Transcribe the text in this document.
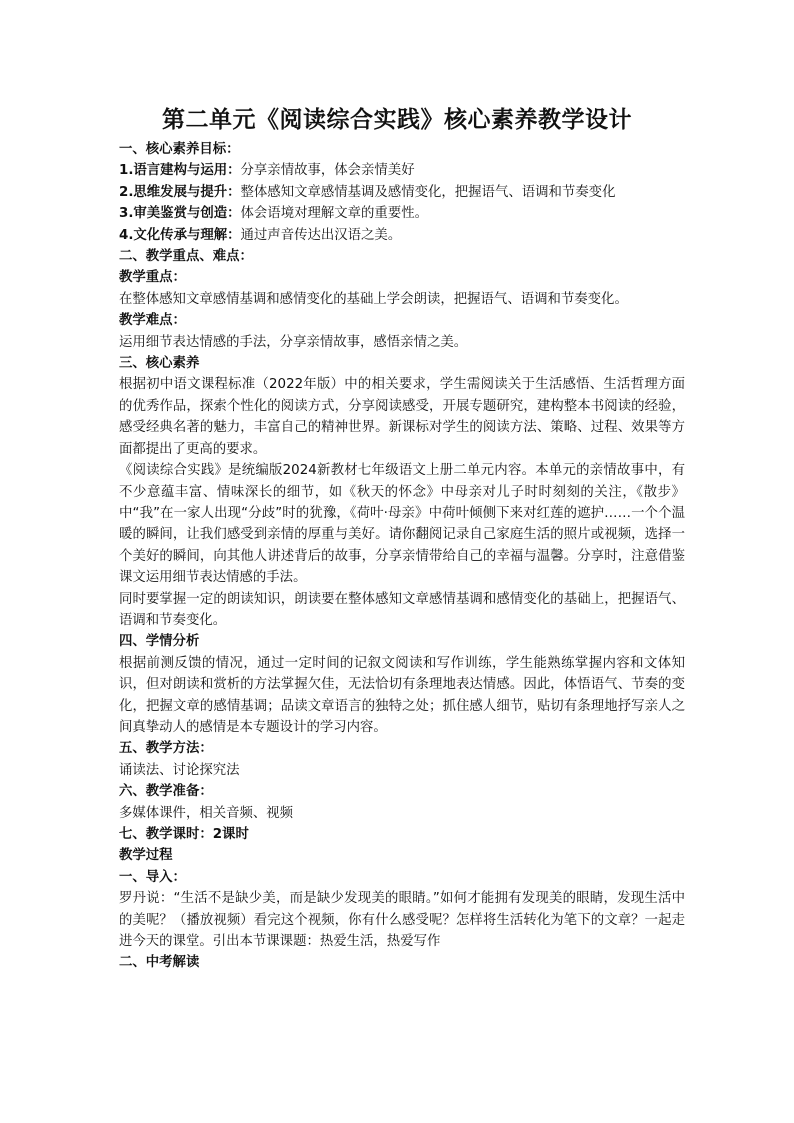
第二单元《阅读综合实践》核心素养教学设计

一、核心素养目标：

1.语言建构与运用：分享亲情故事，体会亲情美好

2.思维发展与提升：整体感知文章感情基调及感情变化，把握语气、语调和节奏变化

3.审美鉴赏与创造：体会语境对理解文章的重要性。

4.文化传承与理解：通过声音传达出汉语之美。

二、教学重点、难点：

教学重点：

在整体感知文章感情基调和感情变化的基础上学会朗读，把握语气、语调和节奏变化。

教学难点：

运用细节表达情感的手法，分享亲情故事，感悟亲情之美。

三、核心素养

根据初中语文课程标准（2022年版）中的相关要求，学生需阅读关于生活感悟、生活哲理方面的优秀作品，探索个性化的阅读方式，分享阅读感受，开展专题研究，建构整本书阅读的经验，感受经典名著的魅力，丰富自己的精神世界。新课标对学生的阅读方法、策略、过程、效果等方面都提出了更高的要求。

《阅读综合实践》是统编版2024新教材七年级语文上册二单元内容。本单元的亲情故事中，有不少意蕴丰富、情味深长的细节，如《秋天的怀念》中母亲对儿子时时刻刻的关注，《散步》中“我”在一家人出现“分歧”时的犹豫，《荷叶·母亲》中荷叶倾侧下来对红莲的遮护……一个个温暖的瞬间，让我们感受到亲情的厚重与美好。请你翻阅记录自己家庭生活的照片或视频，选择一个美好的瞬间，向其他人讲述背后的故事，分享亲情带给自己的幸福与温馨。分享时，注意借鉴课文运用细节表达情感的手法。

同时要掌握一定的朗读知识，朗读要在整体感知文章感情基调和感情变化的基础上，把握语气、语调和节奏变化。

四、学情分析

根据前测反馈的情况，通过一定时间的记叙文阅读和写作训练，学生能熟练掌握内容和文体知识，但对朗读和赏析的方法掌握欠佳，无法恰切有条理地表达情感。因此，体悟语气、节奏的变化，把握文章的感情基调；品读文章语言的独特之处；抓住感人细节，贴切有条理地抒写亲人之间真挚动人的感情是本专题设计的学习内容。

五、教学方法：

诵读法、讨论探究法

六、教学准备：

多媒体课件，相关音频、视频

七、教学课时：2课时

教学过程

一、导入：

罗丹说：“生活不是缺少美，而是缺少发现美的眼睛。”如何才能拥有发现美的眼睛，发现生活中的美呢？（播放视频）看完这个视频，你有什么感受呢？怎样将生活转化为笔下的文章？一起走进今天的课堂。引出本节课课题：热爱生活，热爱写作

二、中考解读
